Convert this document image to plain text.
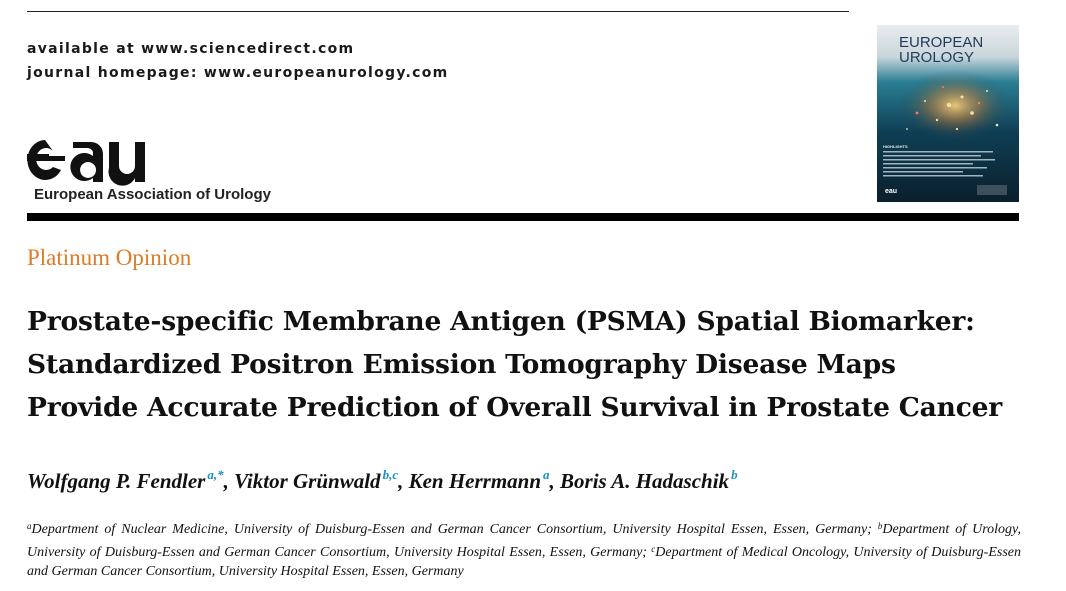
available at www.sciencedirect.com
journal homepage: www.europeanurology.com
European Association of Urology
EUROPEAN
UROLOGY
HIGHLIGHTS
eau
Platinum Opinion
Prostate-specific Membrane Antigen (PSMA) Spatial Biomarker:
Standardized Positron Emission Tomography Disease Maps
Provide Accurate Prediction of Overall Survival in Prostate Cancer
Wolfgang P. Fendler $^{a,*}$, Viktor Grünwald $^{b,c}$, Ken Herrmann $^a$, Boris A. Hadaschik $^b$
$^a$Department of Nuclear Medicine, University of Duisburg-Essen and German Cancer Consortium, University Hospital Essen, Essen, Germany; $^b$Department of Urology, University of Duisburg-Essen and German Cancer Consortium, University Hospital Essen, Essen, Germany; $^c$Department of Medical Oncology, University of Duisburg-Essen and German Cancer Consortium, University Hospital Essen, Essen, Germany
